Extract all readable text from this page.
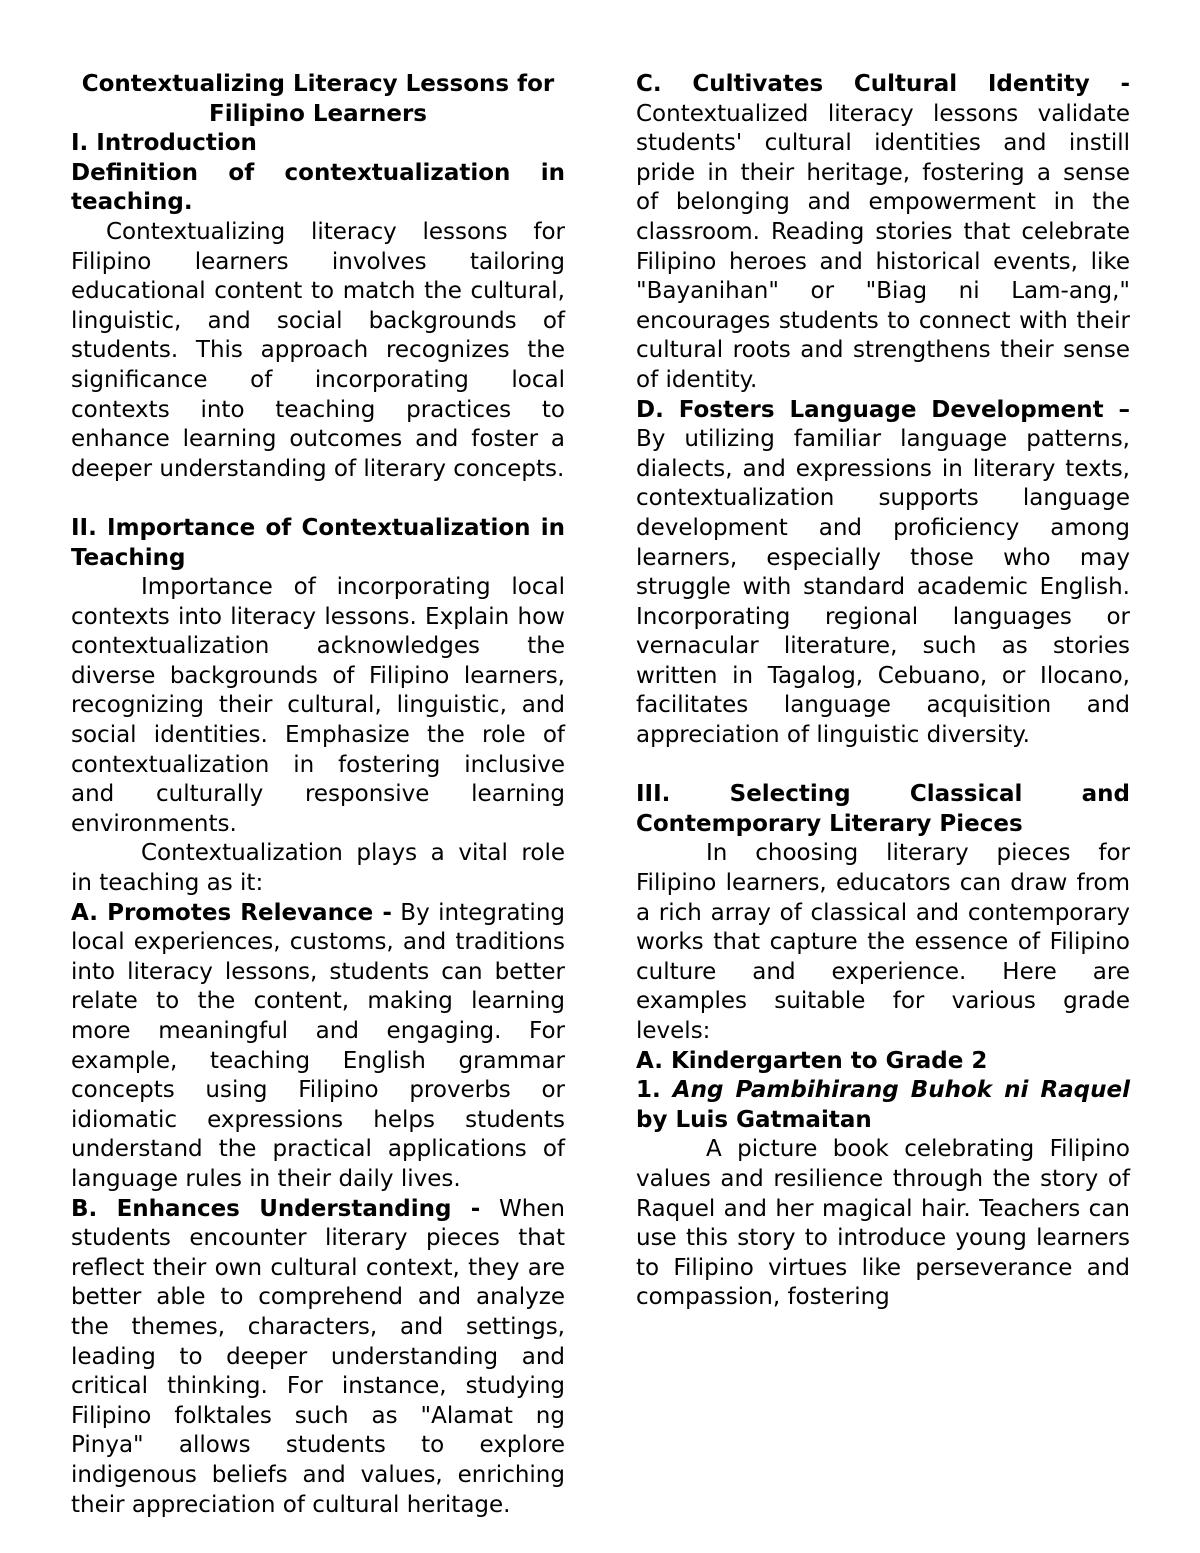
Contextualizing Literacy Lessons for
Filipino Learners

I. Introduction

Definition of contextualization in teaching.

Contextualizing literacy lessons for Filipino learners involves tailoring educational content to match the cultural, linguistic, and social backgrounds of students. This approach recognizes the significance of incorporating local contexts into teaching practices to enhance learning outcomes and foster a deeper understanding of literary concepts.

II. Importance of Contextualization in Teaching

Importance of incorporating local contexts into literacy lessons. Explain how contextualization acknowledges the diverse backgrounds of Filipino learners, recognizing their cultural, linguistic, and social identities. Emphasize the role of contextualization in fostering inclusive and culturally responsive learning environments.

Contextualization plays a vital role in teaching as it:

A. Promotes Relevance - By integrating local experiences, customs, and traditions into literacy lessons, students can better relate to the content, making learning more meaningful and engaging. For example, teaching English grammar concepts using Filipino proverbs or idiomatic expressions helps students understand the practical applications of language rules in their daily lives.

B. Enhances Understanding - When students encounter literary pieces that reflect their own cultural context, they are better able to comprehend and analyze the themes, characters, and settings, leading to deeper understanding and critical thinking. For instance, studying Filipino folktales such as "Alamat ng Pinya" allows students to explore indigenous beliefs and values, enriching their appreciation of cultural heritage.

C. Cultivates Cultural Identity - Contextualized literacy lessons validate students' cultural identities and instill pride in their heritage, fostering a sense of belonging and empowerment in the classroom. Reading stories that celebrate Filipino heroes and historical events, like "Bayanihan" or "Biag ni Lam-ang," encourages students to connect with their cultural roots and strengthens their sense of identity.

D. Fosters Language Development – By utilizing familiar language patterns, dialects, and expressions in literary texts, contextualization supports language development and proficiency among learners, especially those who may struggle with standard academic English. Incorporating regional languages or vernacular literature, such as stories written in Tagalog, Cebuano, or Ilocano, facilitates language acquisition and appreciation of linguistic diversity.

III. Selecting Classical and Contemporary Literary Pieces

In choosing literary pieces for Filipino learners, educators can draw from a rich array of classical and contemporary works that capture the essence of Filipino culture and experience. Here are examples suitable for various grade levels:

A. Kindergarten to Grade 2

1. Ang Pambihirang Buhok ni Raquel by Luis Gatmaitan

A picture book celebrating Filipino values and resilience through the story of Raquel and her magical hair. Teachers can use this story to introduce young learners to Filipino virtues like perseverance and compassion, fostering
